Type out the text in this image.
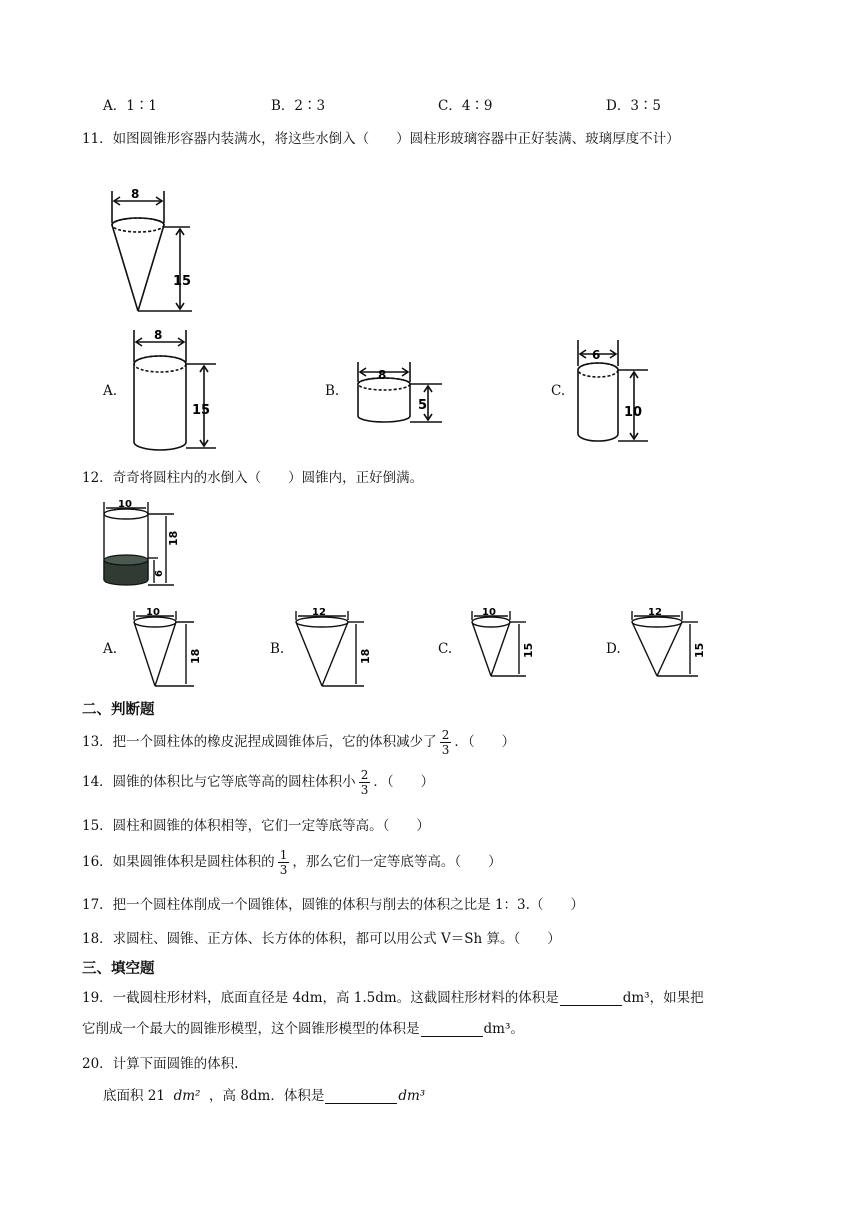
A．1∶1	B．2∶3	C．4∶9	D．3∶5
11．如图圆锥形容器内装满水，将这些水倒入（　　）圆柱形玻璃容器中正好装满、玻璃厚度不计）
8
15
A.
8
15
B.
8
5
C.
6
10
12．奇奇将圆柱内的水倒入（　　）圆锥内，正好倒满。
10
18
6
A.
10
18	B.
12
18	C.
10
15	D.
12
15
二、判断题
13．把一个圆柱体的橡皮泥捏成圆锥体后，它的体积减少了 $\frac{2}{3}$ ．（　　）
14．圆锥的体积比与它等底等高的圆柱体积小 $\frac{2}{3}$ ．（　　）
15．圆柱和圆锥的体积相等，它们一定等底等高。（　　）
16．如果圆锥体积是圆柱体积的 $\frac{1}{3}$ ，那么它们一定等底等高。（　　）
17．把一个圆柱体削成一个圆锥体，圆锥的体积与削去的体积之比是 1：3.（　　）
18．求圆柱、圆锥、正方体、长方体的体积，都可以用公式 V＝Sh 算。（　　）
三、填空题
19．一截圆柱形材料，底面直径是 4dm，高 1.5dm。这截圆柱形材料的体积是	dm³，如果把
它削成一个最大的圆锥形模型，这个圆锥形模型的体积是	dm³。
20．计算下面圆锥的体积.
底面积 21 dm² ，高 8dm．体积是	dm³
